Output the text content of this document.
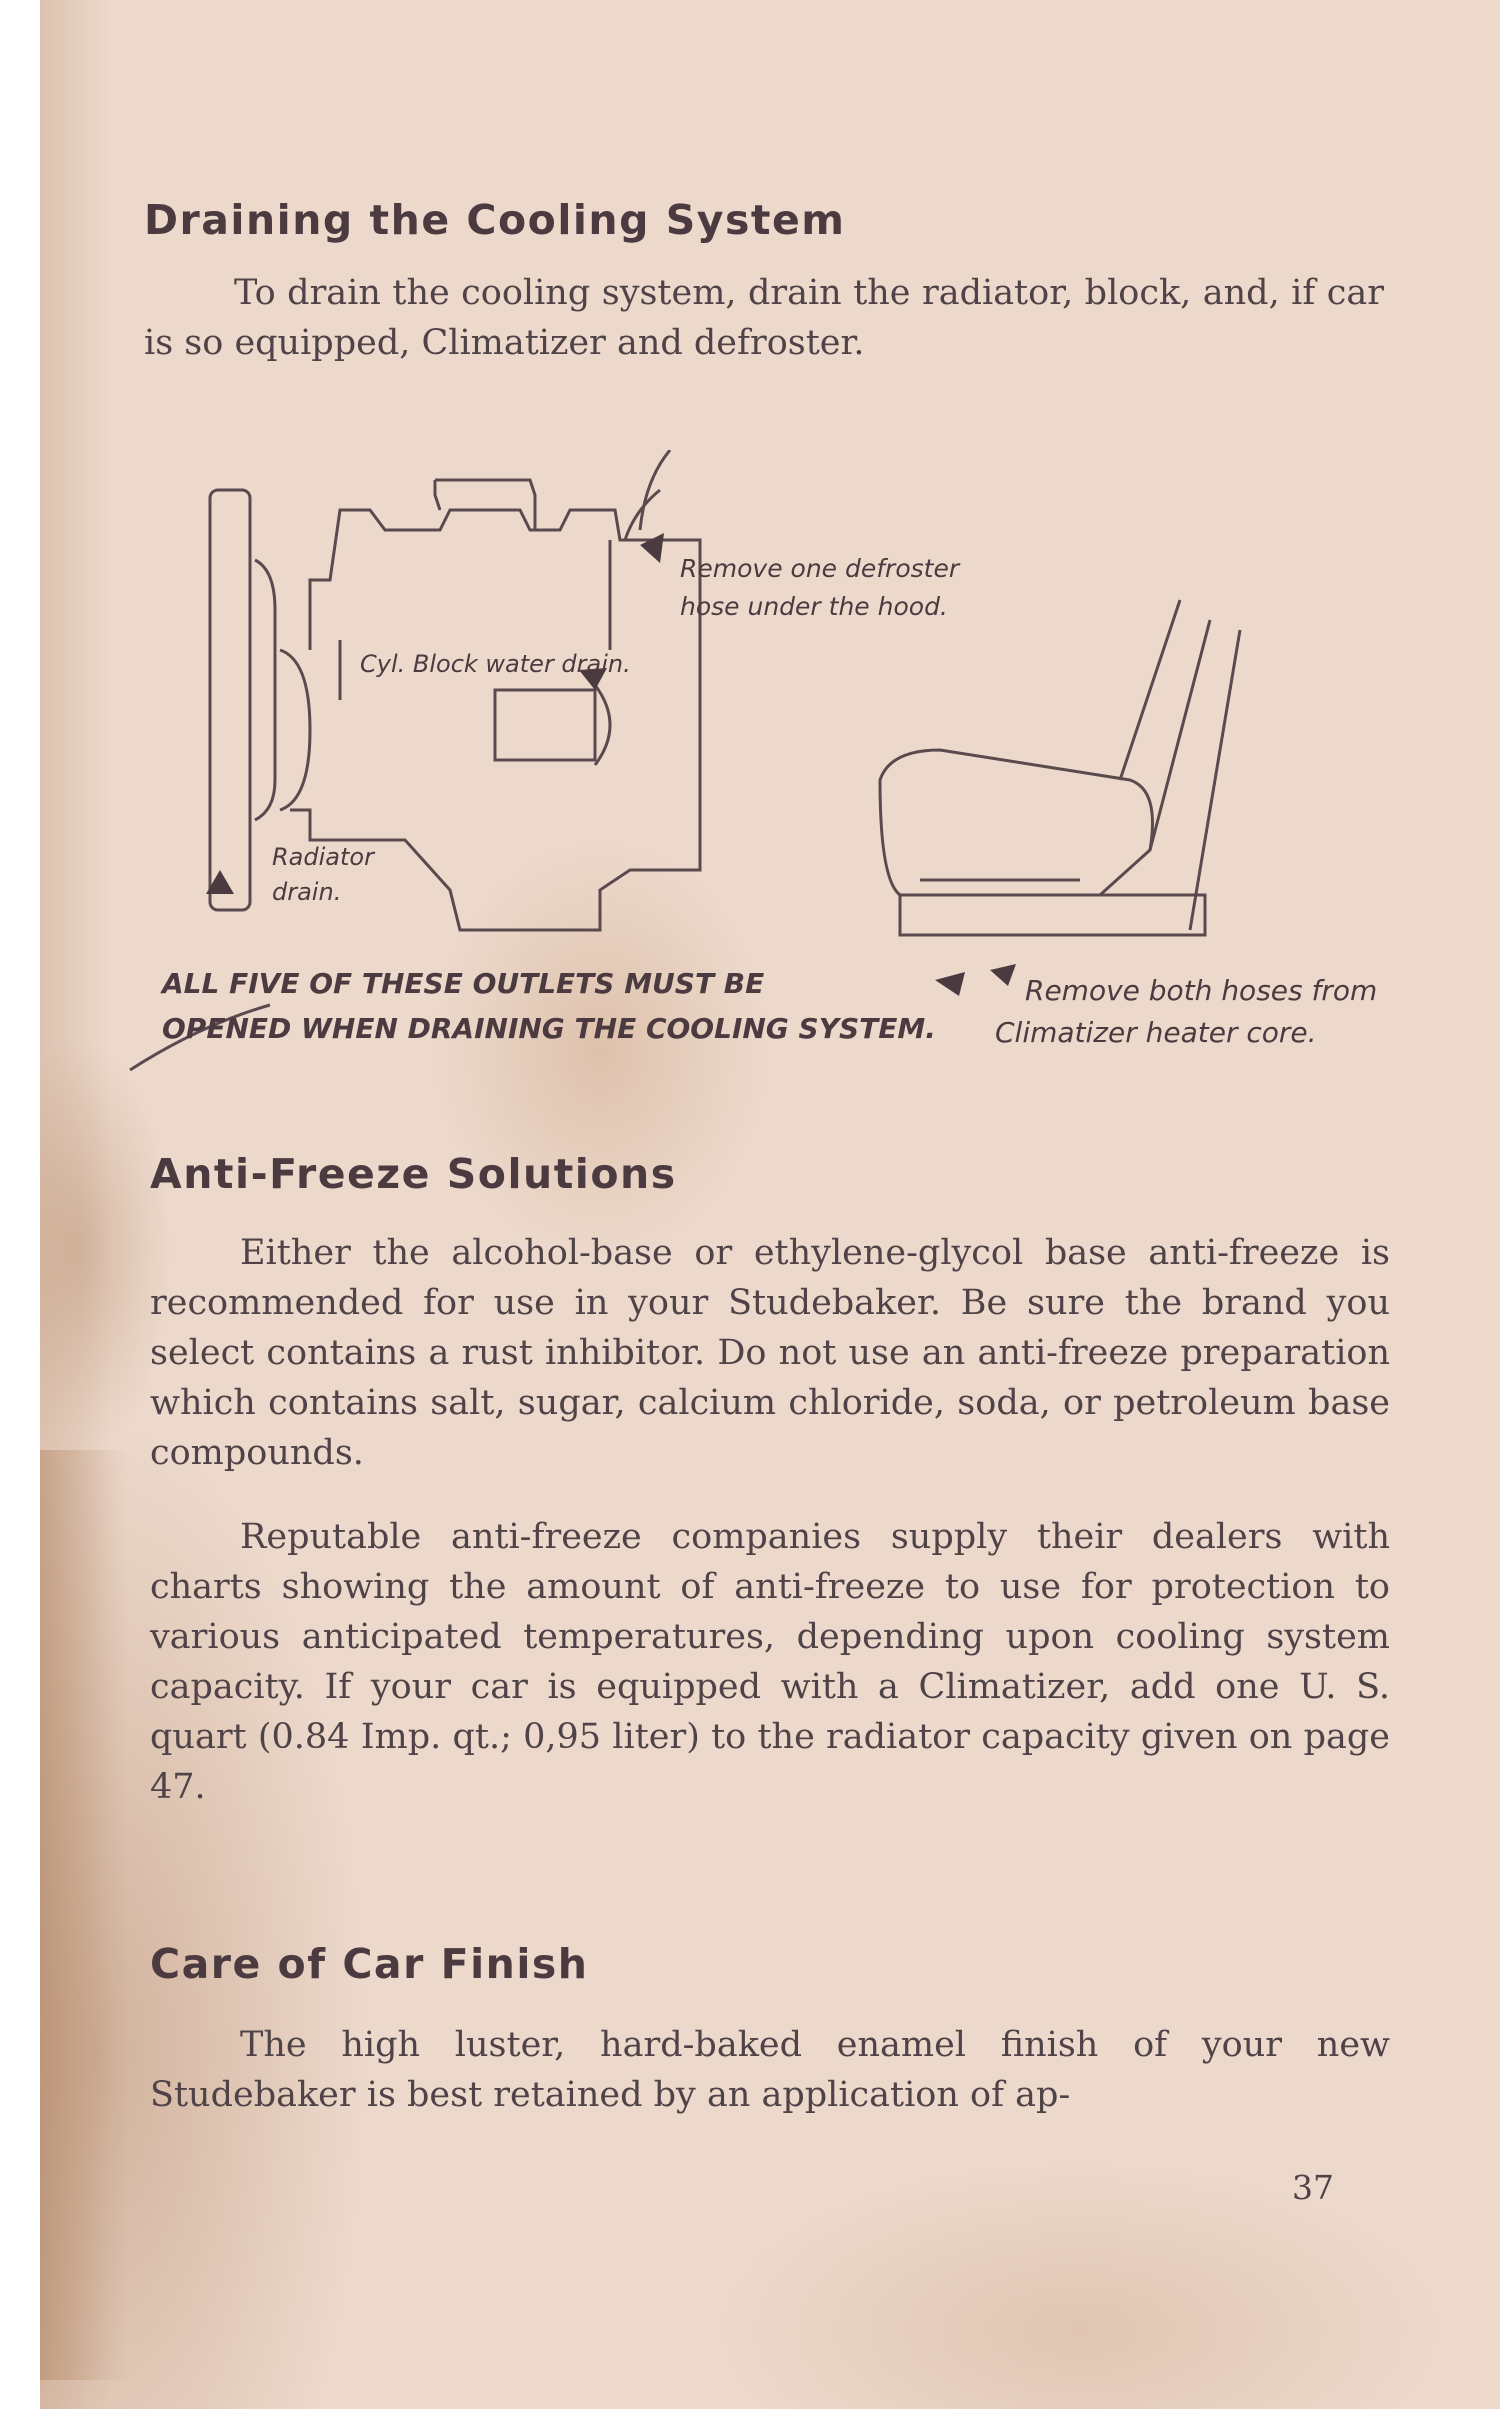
Draining the Cooling System

To drain the cooling system, drain the radiator, block, and, if car is so equipped, Climatizer and defroster.

Remove one defroster
hose under the hood.
Cyl. Block water drain.
Radiator
drain.
ALL FIVE OF THESE OUTLETS MUST BE
OPENED WHEN DRAINING THE COOLING SYSTEM.
Remove both hoses from
Climatizer heater core.
Anti-Freeze Solutions

Either the alcohol-base or ethylene-glycol base anti-freeze is recommended for use in your Studebaker. Be sure the brand you select contains a rust inhibitor. Do not use an anti-freeze preparation which contains salt, sugar, calcium chloride, soda, or petroleum base compounds.

Reputable anti-freeze companies supply their dealers with charts showing the amount of anti-freeze to use for protection to various anticipated temperatures, depending upon cooling system capacity. If your car is equipped with a Climatizer, add one U. S. quart (0.84 Imp. qt.; 0,95 liter) to the radiator capacity given on page 47.

Care of Car Finish

The high luster, hard-baked enamel finish of your new Studebaker is best retained by an application of ap-

37
